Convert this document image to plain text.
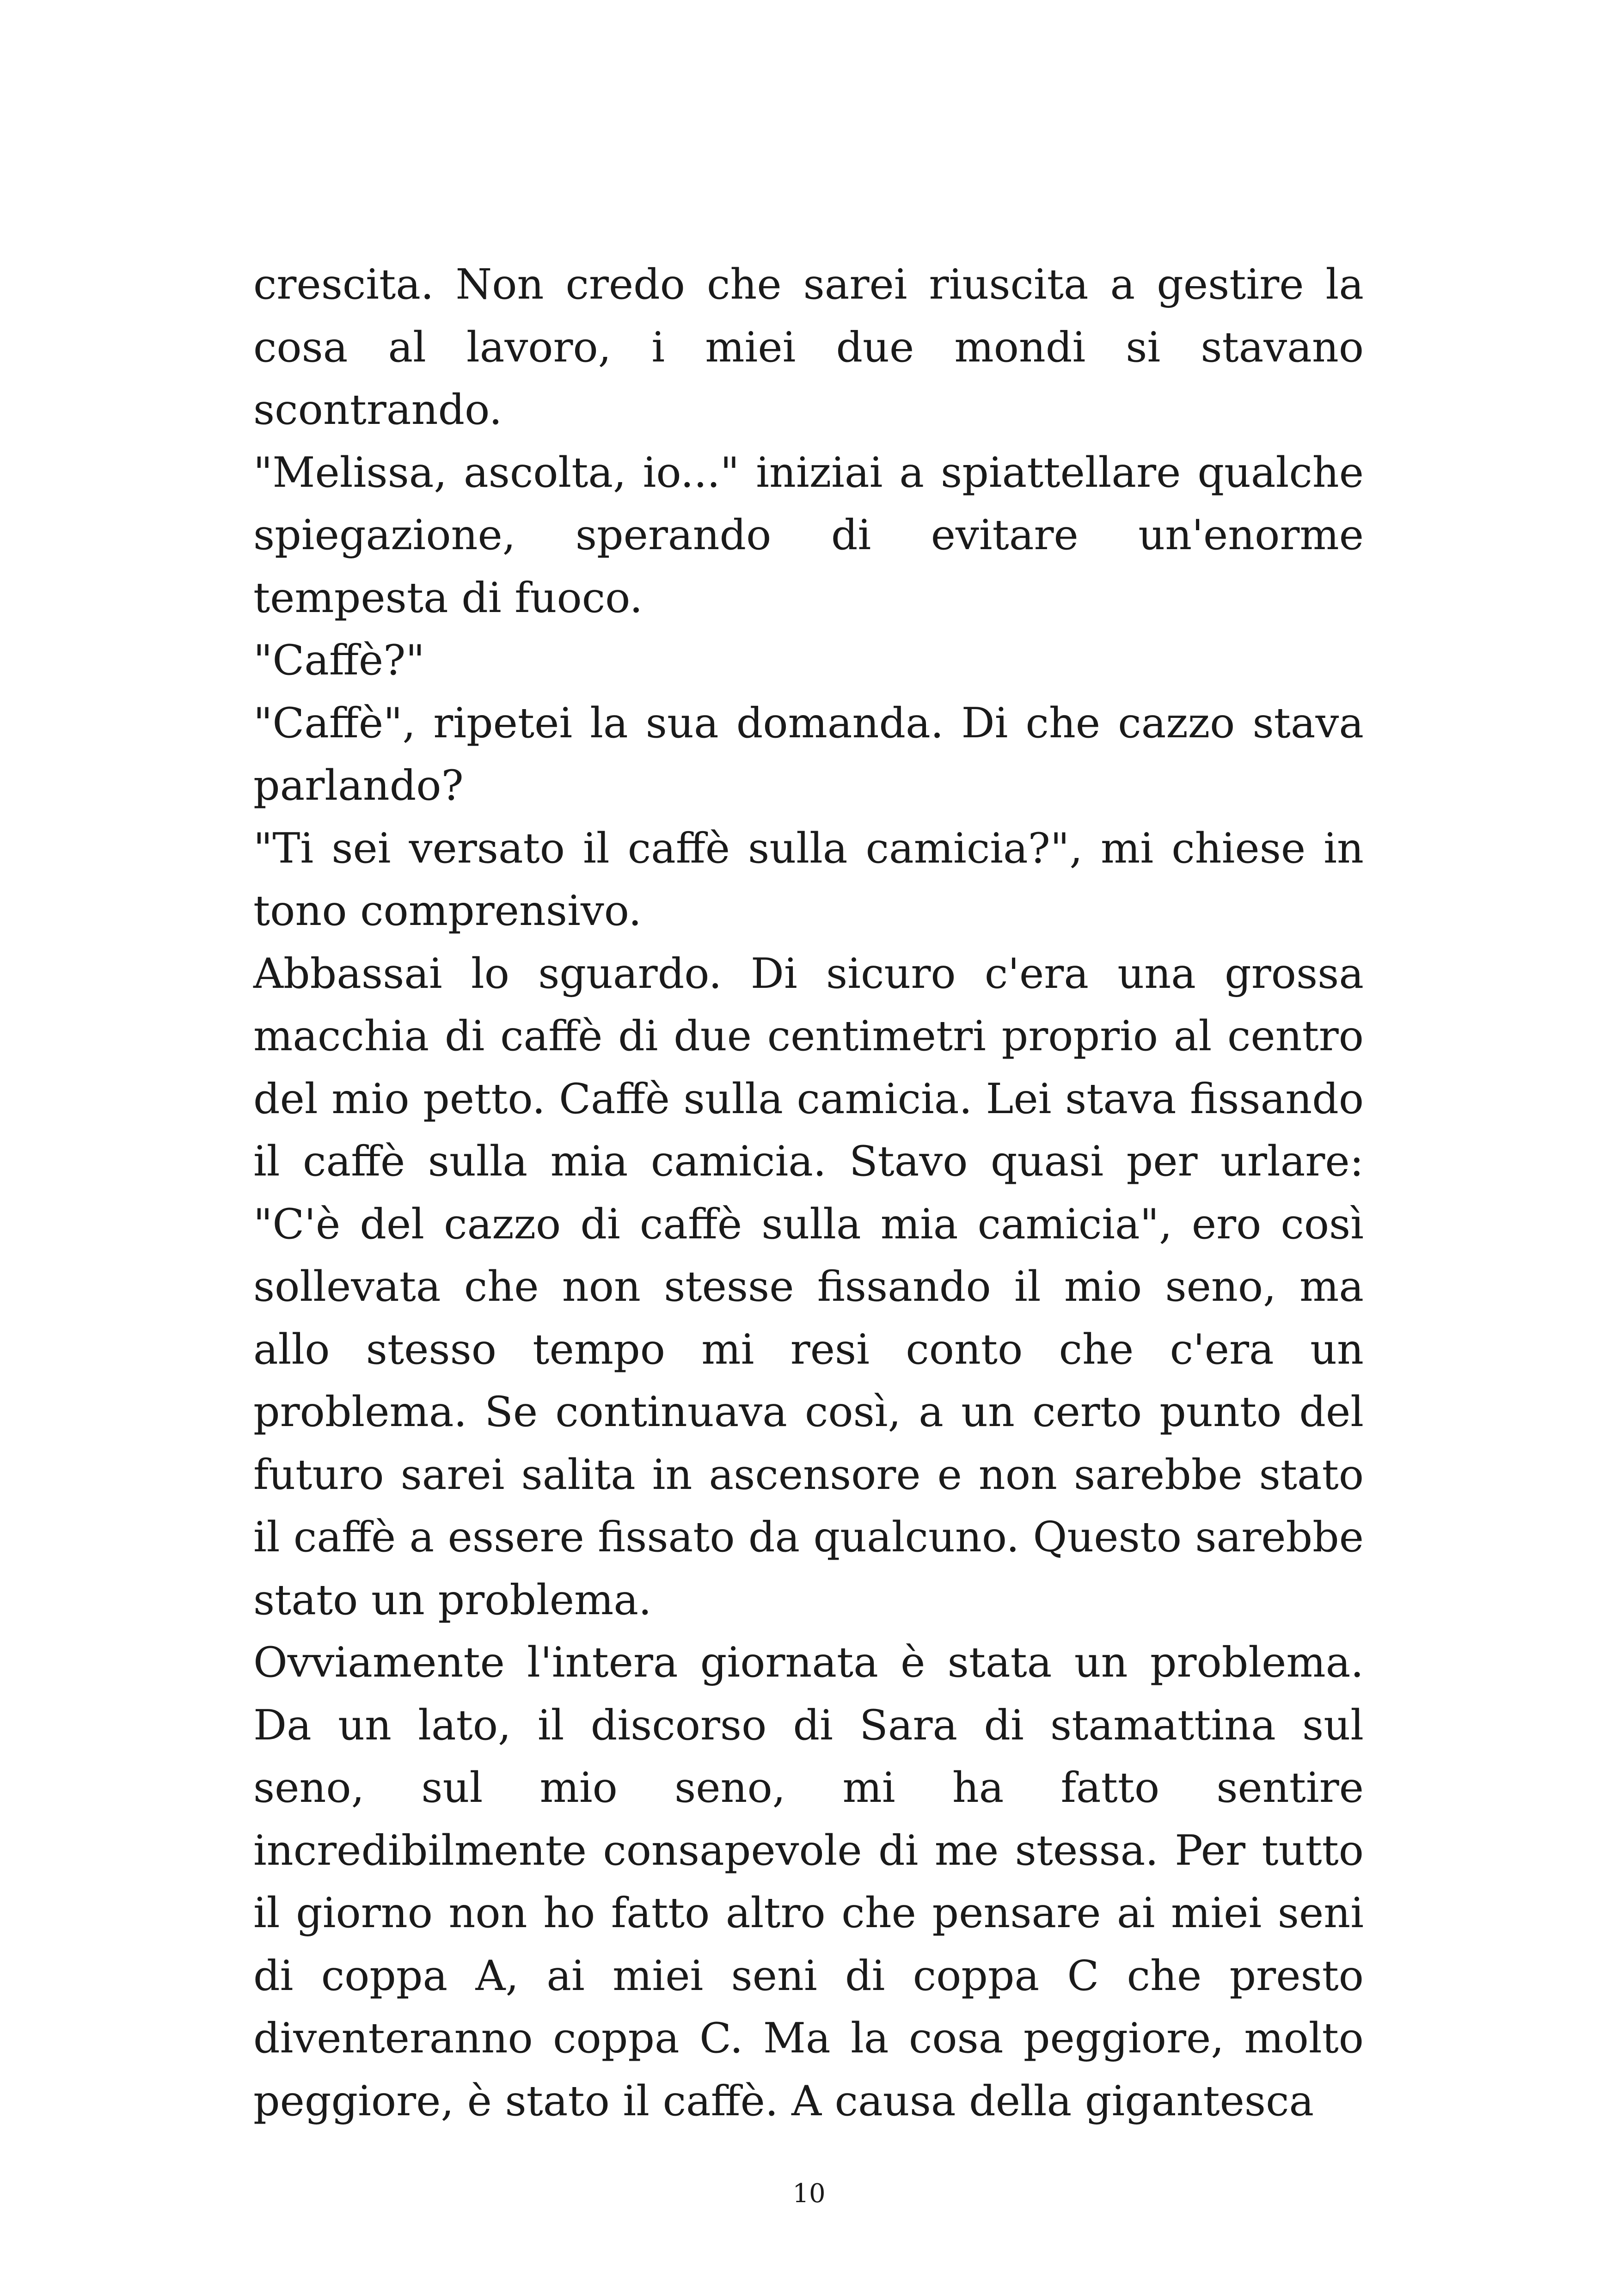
crescita. Non credo che sarei riuscita a gestire la cosa al lavoro, i miei due mondi si stavano scontrando.

"Melissa, ascolta, io..." iniziai a spiattellare qualche spiegazione, sperando di evitare un'enorme tempesta di fuoco.

"Caffè?"

"Caffè", ripetei la sua domanda. Di che cazzo stava parlando?

"Ti sei versato il caffè sulla camicia?", mi chiese in tono comprensivo.

Abbassai lo sguardo. Di sicuro c'era una grossa macchia di caffè di due centimetri proprio al centro del mio petto. Caffè sulla camicia. Lei stava fissando il caffè sulla mia camicia. Stavo quasi per urlare: "C'è del cazzo di caffè sulla mia camicia", ero così sollevata che non stesse fissando il mio seno, ma allo stesso tempo mi resi conto che c'era un problema. Se continuava così, a un certo punto del futuro sarei salita in ascensore e non sarebbe stato il caffè a essere fissato da qualcuno. Questo sarebbe stato un problema.

Ovviamente l'intera giornata è stata un problema. Da un lato, il discorso di Sara di stamattina sul seno, sul mio seno, mi ha fatto sentire incredibilmente consapevole di me stessa. Per tutto il giorno non ho fatto altro che pensare ai miei seni di coppa A, ai miei seni di coppa C che presto diventeranno coppa C. Ma la cosa peggiore, molto peggiore, è stato il caffè. A causa della gigantesca

10
